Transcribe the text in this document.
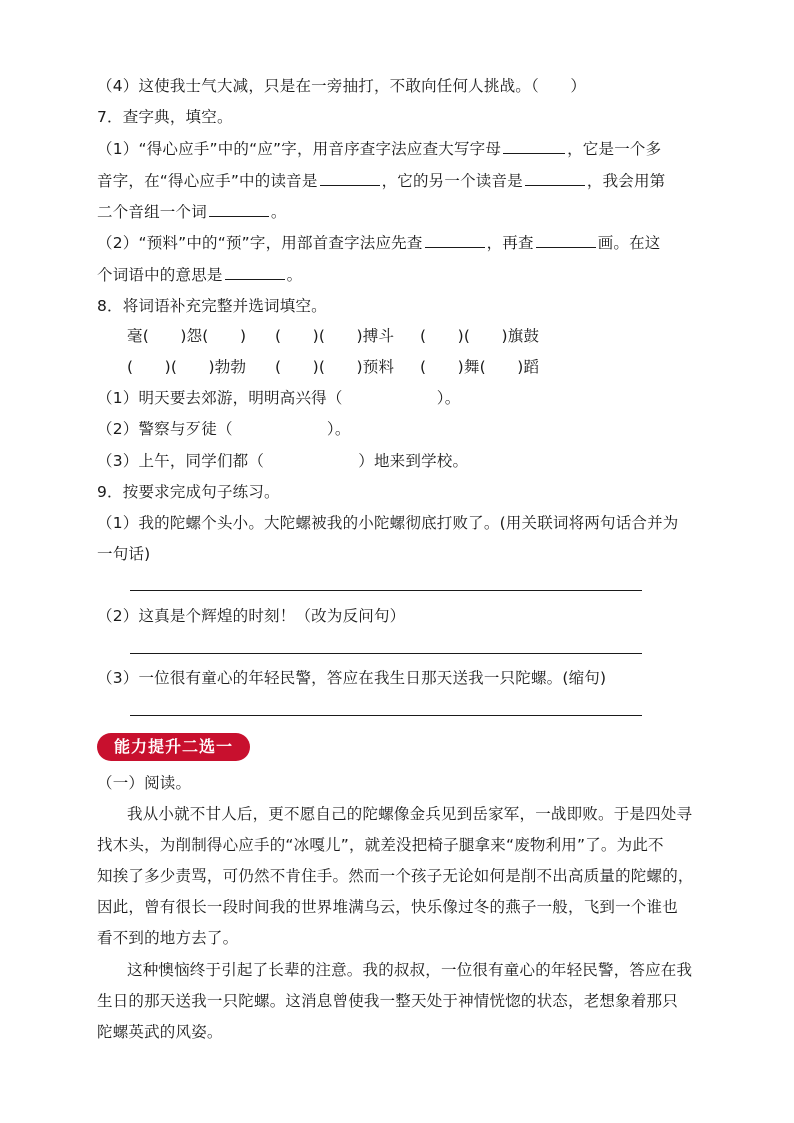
（4）这使我士气大减，只是在一旁抽打，不敢向任何人挑战。（　　）
7．查字典，填空。
（1）“得心应手”中的“应”字，用音序查字法应查大写字母	，它是一个多
音字，在“得心应手”中的读音是	，它的另一个读音是	，我会用第
二个音组一个词	。
（2）“预料”中的“预”字，用部首查字法应先查	，再查	画。在这
个词语中的意思是	。
8．将词语补充完整并选词填空。
毫(　　)怨(　　) (　　)(　　)搏斗 (　　)(　　)旗鼓
(　　)(　　)勃勃 (　　)(　　)预料 (　　)舞(　　)蹈
（1）明天要去郊游，明明高兴得（　　　　　　）。
（2）警察与歹徒（　　　　　　）。
（3）上午，同学们都（　　　　　　）地来到学校。
9．按要求完成句子练习。
（1）我的陀螺个头小。大陀螺被我的小陀螺彻底打败了。(用关联词将两句话合并为
一句话)
（2）这真是个辉煌的时刻！（改为反问句）
（3）一位很有童心的年轻民警，答应在我生日那天送我一只陀螺。(缩句)
能力提升二选一
（一）阅读。
我从小就不甘人后，更不愿自己的陀螺像金兵见到岳家军，一战即败。于是四处寻
找木头，为削制得心应手的“冰嘎儿”，就差没把椅子腿拿来“废物利用”了。为此不
知挨了多少责骂，可仍然不肯住手。然而一个孩子无论如何是削不出高质量的陀螺的，
因此，曾有很长一段时间我的世界堆满乌云，快乐像过冬的燕子一般，飞到一个谁也
看不到的地方去了。
这种懊恼终于引起了长辈的注意。我的叔叔，一位很有童心的年轻民警，答应在我
生日的那天送我一只陀螺。这消息曾使我一整天处于神情恍惚的状态，老想象着那只
陀螺英武的风姿。
